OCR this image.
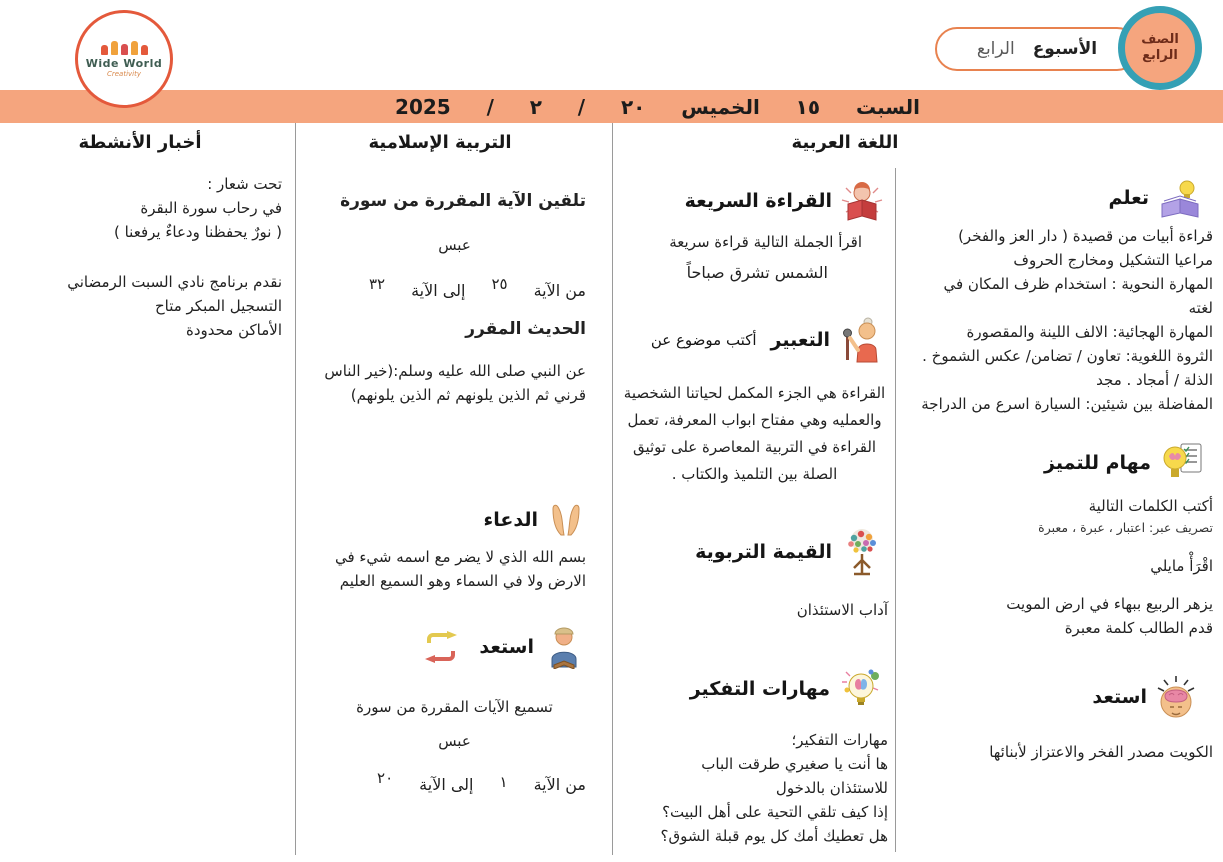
Wide World
Creativity
الأسبوع
الرابع	الصف
الرابع
السبت
١٥
الخميس
٢٠
/
٢
/
2025
اللغة العربية
التربية الإسلامية
أخبار الأنشطة
تعلم

قراءة أبيات من قصيدة ( دار العز والفخر) مراعيا التشكيل ومخارج الحروف

المهارة النحوية : استخدام ظرف المكان في لغته

المهارة الهجائية: الالف اللينة والمقصورة

الثروة اللغوية: تعاون / تضامن/ عكس الشموخ . الذلة / أمجاد . مجد

المفاضلة بين شيئين: السيارة اسرع من الدراجة

مهام للتميز

أكتب الكلمات التالية

تصريف عبر: اعتبار ، عبرة ، معبرة

اقْرَأْ مايلي

يزهر الربيع ببهاء في ارض المويت

قدم الطالب كلمة معبرة

استعد

الكويت مصدر الفخر والاعتزاز لأبنائها

القراءة السريعة

اقرأ الجملة التالية قراءة سريعة

الشمس تشرق صباحاً

التعبير
أكتب موضوع عن

القراءة هي الجزء المكمل لحياتنا الشخصية والعمليه وهي مفتاح ابواب المعرفة، تعمل القراءة في التربية المعاصرة على توثيق الصلة بين التلميذ والكتاب .

القيمة التربوية

آداب الاستئذان

مهارات التفكير

مهارات التفكير؛

ها أنت يا صغيري طرقت الباب

للاستئذان بالدخول

إذا كيف تلقي التحية على أهل البيت؟

هل تعطيك أمك كل يوم قبلة الشوق؟

تلقين الآية المقررة من سورة

عبس

من الآية
٢٥
إلى الآية
٣٢

الحديث المقرر

عن النبي صلى الله عليه وسلم:(خير الناس قرني ثم الذين يلونهم ثم الذين يلونهم)

الدعاء

بسم الله الذي لا يضر مع اسمه شيء في الارض ولا في السماء وهو السميع العليم

استعد

تسميع الآيات المقررة من سورة

عبس

من الآية
١
إلى الآية
٢٠

تحت شعار :

في رحاب سورة البقرة

( نورٌ يحفظنا ودعاءٌ يرفعنا )

نقدم برنامج نادي السبت الرمضاني

التسجيل المبكر متاح

الأماكن محدودة
